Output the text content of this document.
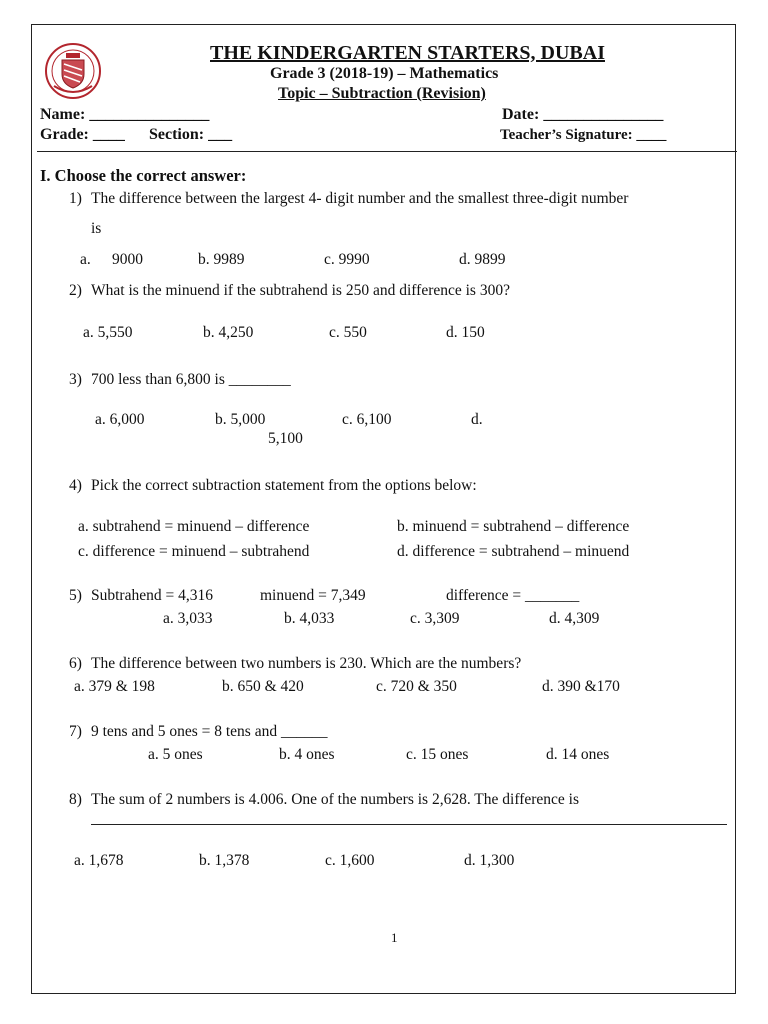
THE KINDERGARTEN STARTERS, DUBAI
Grade 3 (2018-19) – Mathematics
Topic – Subtraction (Revision)
Name: _______________	Date: _______________
Grade: ____ Section: ___	Teacher’s Signature: ____
I. Choose the correct answer:
1) The difference between the largest 4- digit number and the smallest three-digit number
is
a. 9000	b. 9989	c. 9990	d. 9899
2) What is the minuend if the subtrahend is 250 and difference is 300?
a. 5,550	b. 4,250	c. 550	d. 150
3) 700 less than 6,800 is ________
a. 6,000	b. 5,000	c. 6,100	d.
5,100
4) Pick the correct subtraction statement from the options below:
a. subtrahend = minuend – difference	b. minuend = subtrahend – difference
c. difference = minuend – subtrahend	d. difference = subtrahend – minuend
5) Subtrahend = 4,316	minuend = 7,349	difference = _______
a. 3,033	b. 4,033	c. 3,309	d. 4,309
6) The difference between two numbers is 230. Which are the numbers?
a. 379 & 198	b. 650 & 420	c. 720 & 350	d. 390 &170
7) 9 tens and 5 ones = 8 tens and ______
a. 5 ones	b. 4 ones	c. 15 ones	d. 14 ones
8) The sum of 2 numbers is 4.006. One of the numbers is 2,628. The difference is
a. 1,678	b. 1,378	c. 1,600	d. 1,300
1
